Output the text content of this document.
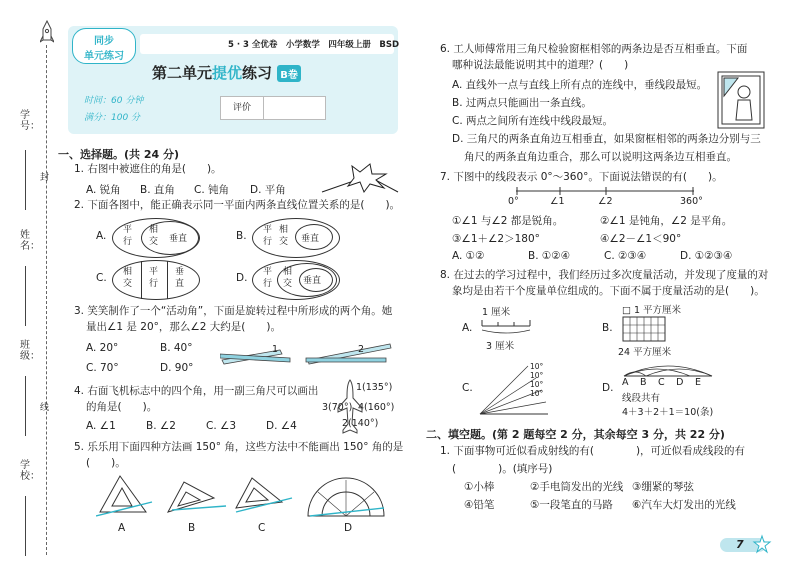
封
线
学号：
姓名：
班级：
学校：
同步
单元练习
5 · 3 全优卷　小学数学　四年级上册　BSD
第二单元提优练习 B卷
时间：60 分钟
满分：100 分
评价
一、选择题。(共 24 分)
1. 右图中被遮住的角是(　　)。
A. 锐角 B. 直角 C. 钝角 D. 平角
2. 下面各图中，能正确表示同一平面内两条直线位置关系的是(　　)。
A.	B.
C.	D.
平行
相交	垂直
平行
相交	垂直
相交
平行
垂直
平行
相交	垂直
3. 笑笑制作了一个“活动角”，下面是旋转过程中所形成的两个角。她
量出∠1 是 20°，那么∠2 大约是(　　)。
A. 20°	B. 40°
C. 70°	D. 90°
1	2
4. 右面飞机标志中的四个角，用一副三角尺可以画出
的角是(　　)。
A. ∠1	B. ∠2	C. ∠3	D. ∠4
1(135°)
3(70°) 4(160°)
2(140°)
5. 乐乐用下面四种方法画 150° 角，这些方法中不能画出 150° 角的是
(　　)。
A	B	C	D
6. 工人师傅常用三角尺检验窗框相邻的两条边是否互相垂直。下面
哪种说法最能说明其中的道理？(　　)
A. 直线外一点与直线上所有点的连线中，垂线段最短。
B. 过两点只能画出一条直线。
C. 两点之间所有连线中线段最短。
D. 三角尺的两条直角边互相垂直，如果窗框相邻的两条边分别与三
角尺的两条直角边重合，那么可以说明这两条边互相垂直。
7. 下图中的线段表示 0°～360°。下面说法错误的有(　　)。
0°	∠1	∠2	360°
①∠1 与∠2 都是锐角。	②∠1 是钝角，∠2 是平角。
③∠1＋∠2＞180°	④∠2－∠1＜90°
A. ①②	B. ①②④	C. ②③④	D. ①②③④
8. 在过去的学习过程中，我们经历过多次度量活动，并发现了度量的对
象均是由若干个度量单位组成的。下面不属于度量活动的是(　　)。
A.	B.
C.	D.
1 厘米
3 厘米
□ 1 平方厘米
24 平方厘米
10°
10°
10°
10°
A　B　C　D　E
线段共有
4＋3＋2＋1＝10(条)
二、填空题。(第 2 题每空 2 分，其余每空 3 分，共 22 分)
1. 下面事物可近似看成射线的有(　　　　)，可近似看成线段的有
(　　　　)。(填序号)
①小棒	②手电筒发出的光线 ③绷紧的琴弦
④铅笔	⑤一段笔直的马路 ⑥汽车大灯发出的光线
7
